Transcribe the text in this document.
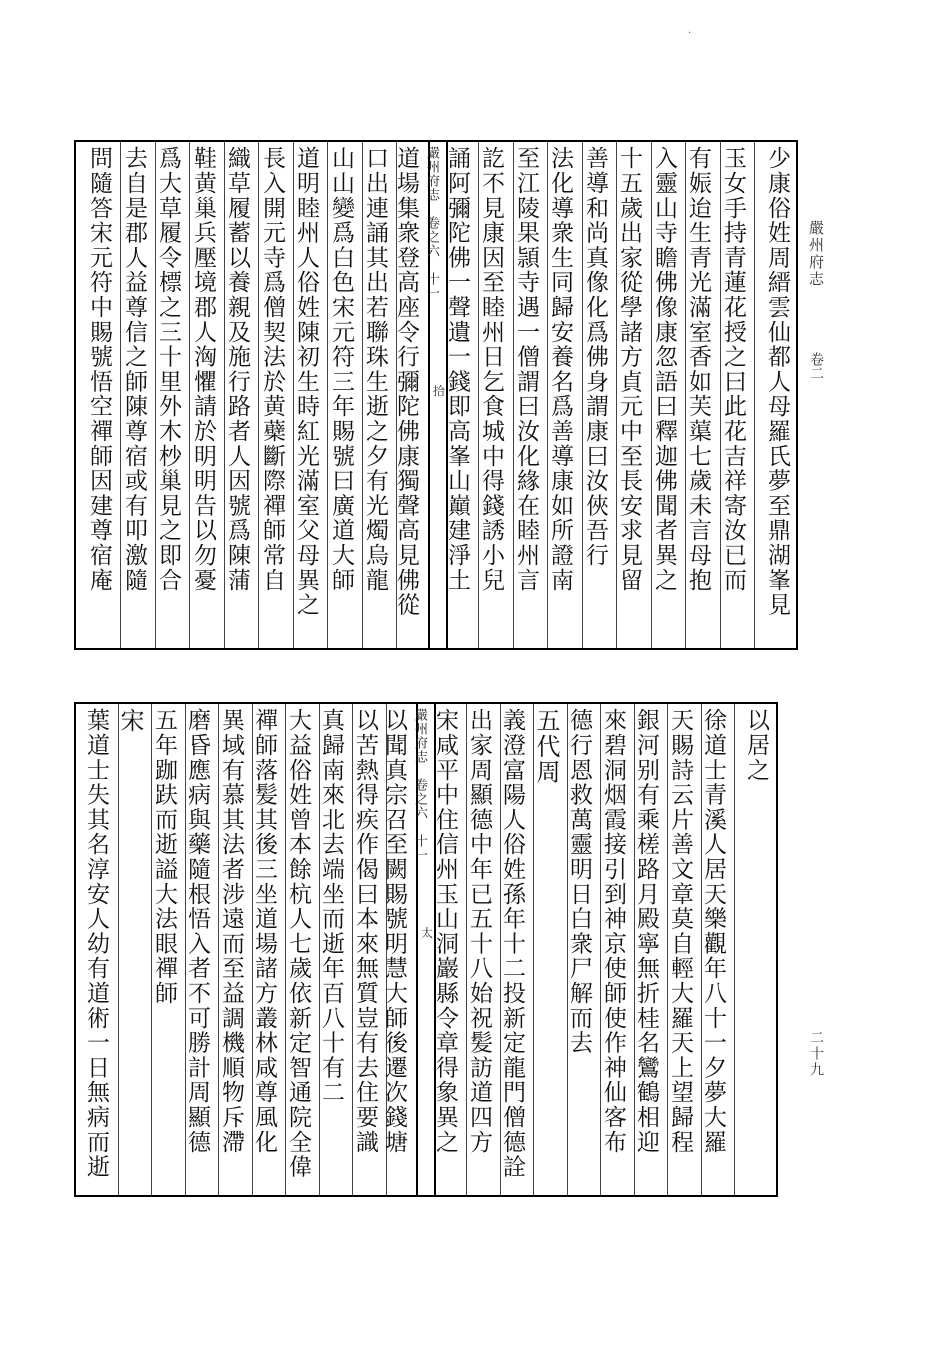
嚴州府志
卷二
二十九
·
少康俗姓周縉雲仙都人母羅氏夢至鼎湖峯見
玉女手持青蓮花授之曰此花吉祥寄汝已而
有娠迨生青光滿室香如芙蕖七歲未言母抱
入靈山寺瞻佛像康忽語曰釋迦佛聞者異之
十五歲出家從學諸方貞元中至長安求見留
善導和尚真像化爲佛身謂康曰汝俠吾行
法化導衆生同歸安養名爲善導康如所證南
至江陵果頴寺遇一僧謂曰汝化緣在睦州言
訖不見康因至睦州日乞食城中得錢誘小兒
誦阿彌陀佛一聲遺一錢即高峯山巔建淨土
嚴州府志　卷之六　十一
道場集衆登高座令行彌陀佛康獨聲高見佛從
口出連誦其出若聯珠生逝之夕有光燭烏龍
山山變爲白色宋元符三年賜號曰廣道大師
道明睦州人俗姓陳初生時紅光滿室父母異之
長入開元寺爲僧契法於黄蘗斷際禪師常自
織草履蓄以養親及施行路者人因號爲陳蒲
鞋黄巢兵壓境郡人洶懼請於明明告以勿憂
爲大草履令標之三十里外木杪巢見之即合
去自是郡人益尊信之師陳尊宿或有叩激隨
問隨答宋元符中賜號悟空禪師因建尊宿庵	拾
以居之
徐道士青溪人居天樂觀年八十一夕夢大羅
天賜詩云片善文章莫自輕大羅天上望歸程
銀河别有乘槎路月殿寧無折桂名鸞鶴相迎
來碧洞烟霞接引到神京使師使作神仙客布
德行恩救萬靈明日白衆尸解而去
五代周
義澄富陽人俗姓孫年十二投新定龍門僧德詮
出家周顯德中年已五十八始祝髪訪道四方
宋咸平中住信州玉山洞巖縣令章得象異之
嚴州府志　卷之六　十一
以聞真宗召至闕賜號明慧大師後遷次錢塘
以苦熱得疾作偈曰本來無質豈有去住要識
真歸南來北去端坐而逝年百八十有二
大益俗姓曾本餘杭人七歲依新定智通院全偉
禪師落髪其後三坐道場諸方叢林咸尊風化
異域有慕其法者涉遠而至益調機順物斥滯
磨昏應病與藥隨根悟入者不可勝計周顯德
五年跏趺而逝謚大法眼禪師
宋
葉道士失其名淳安人幼有道術一日無病而逝	太
